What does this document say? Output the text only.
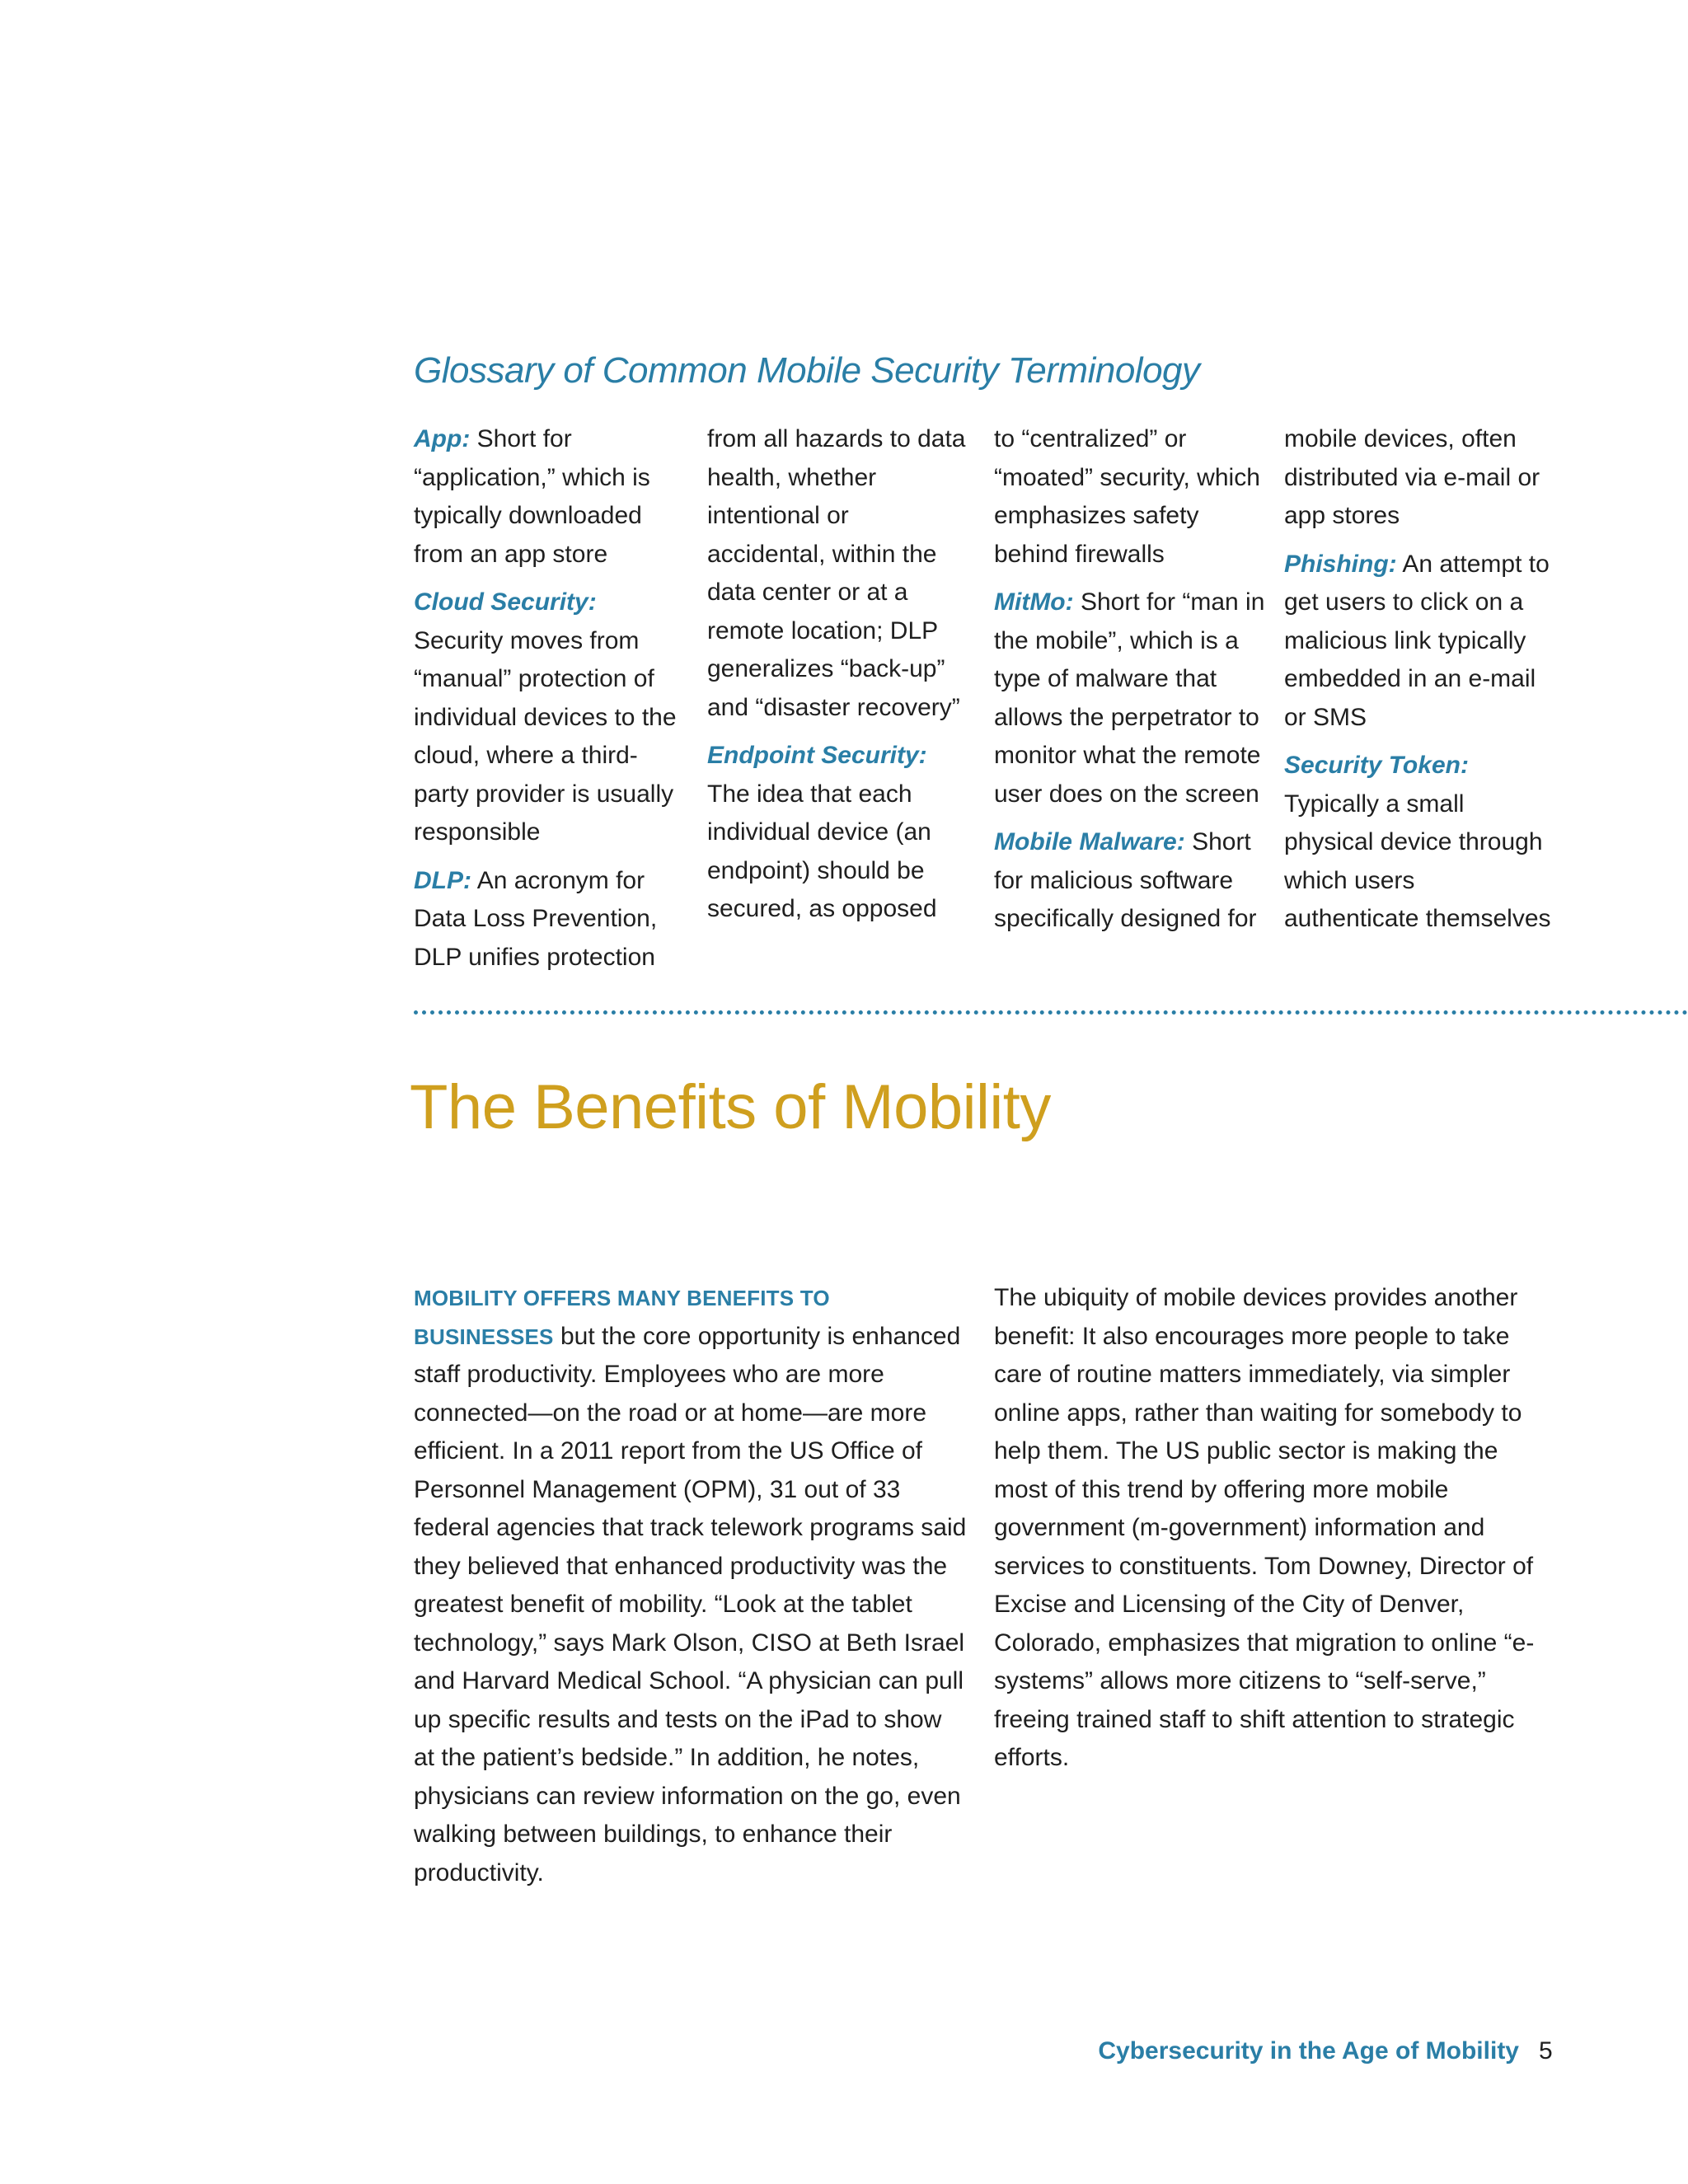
Glossary of Common Mobile Security Terminology

App: Short for “application,” which is typically downloaded from an app store

Cloud Security: Security moves from “manual” protection of individual devices to the cloud, where a third-party provider is usually responsible

DLP: An acronym for Data Loss Prevention, DLP unifies protection

from all hazards to data health, whether intentional or accidental, within the data center or at a remote location; DLP generalizes “back-up” and “disaster recovery”

Endpoint Security: The idea that each individual device (an endpoint) should be secured, as opposed

to “centralized” or “moated” security, which emphasizes safety behind firewalls

MitMo: Short for “man in the mobile”, which is a type of malware that allows the perpetrator to monitor what the remote user does on the screen

Mobile Malware: Short for malicious software specifically designed for

mobile devices, often distributed via e-mail or app stores

Phishing: An attempt to get users to click on a malicious link typically embedded in an e-mail or SMS

Security Token: Typically a small physical device through which users authenticate themselves

The Benefits of Mobility

MOBILITY OFFERS MANY BENEFITS TO BUSINESSES but the core opportunity is enhanced staff productivity. Employees who are more connected—on the road or at home—are more efficient. In a 2011 report from the US Office of Personnel Management (OPM), 31 out of 33 federal agencies that track telework programs said they believed that enhanced productivity was the greatest benefit of mobility. “Look at the tablet technology,” says Mark Olson, CISO at Beth Israel and Harvard Medical School. “A physician can pull up specific results and tests on the iPad to show at the patient’s bedside.” In addition, he notes, physicians can review information on the go, even walking between buildings, to enhance their productivity.

The ubiquity of mobile devices provides another benefit: It also encourages more people to take care of routine matters immediately, via simpler online apps, rather than waiting for somebody to help them. The US public sector is making the most of this trend by offering more mobile government (m-government) information and services to constituents. Tom Downey, Director of Excise and Licensing of the City of Denver, Colorado, emphasizes that migration to online “e-systems” allows more citizens to “self-serve,” freeing trained staff to shift attention to strategic efforts.

Cybersecurity in the Age of Mobility 5
